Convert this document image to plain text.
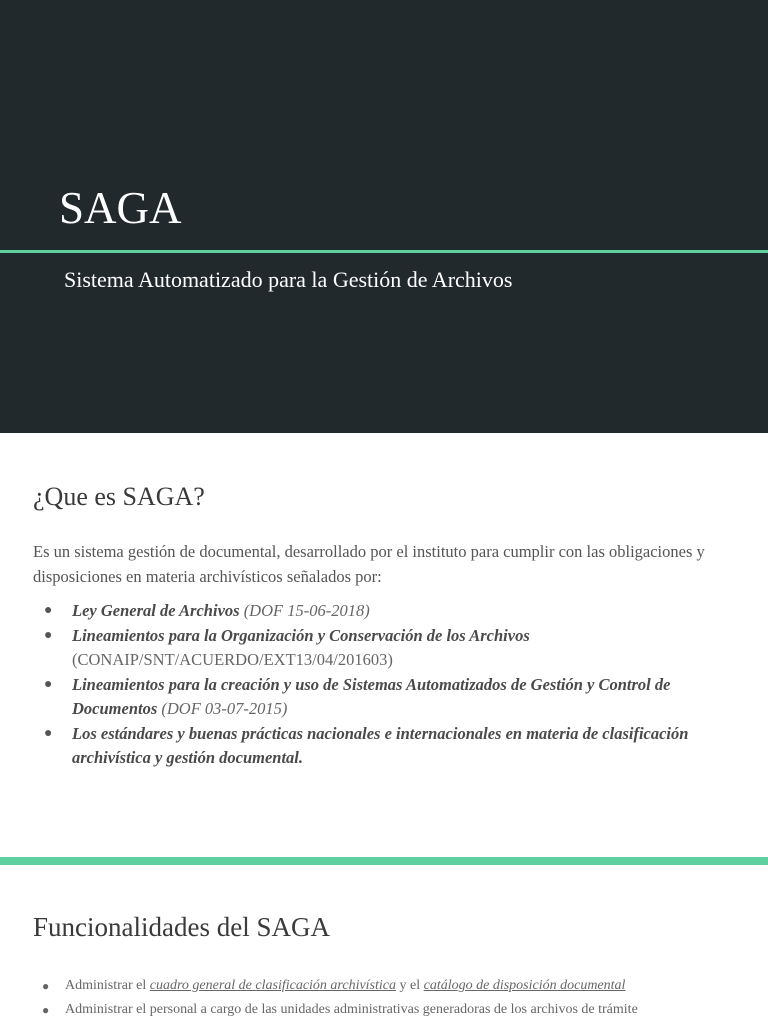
SAGA
Sistema Automatizado para la Gestión de Archivos
¿Que es SAGA?
Es un sistema gestión de documental, desarrollado por el instituto para cumplir con las obligaciones y disposiciones en materia archivísticos señalados por:
● Ley General de Archivos (DOF 15-06-2018)
● Lineamientos para la Organización y Conservación de los Archivos
(CONAIP/SNT/ACUERDO/EXT13/04/201603)
● Lineamientos para la creación y uso de Sistemas Automatizados de Gestión y Control de Documentos (DOF 03-07-2015)
● Los estándares y buenas prácticas nacionales e internacionales en materia de clasificación archivística y gestión documental.
Funcionalidades del SAGA
● Administrar el cuadro general de clasificación archivística y el catálogo de disposición documental
● Administrar el personal a cargo de las unidades administrativas generadoras de los archivos de trámite
